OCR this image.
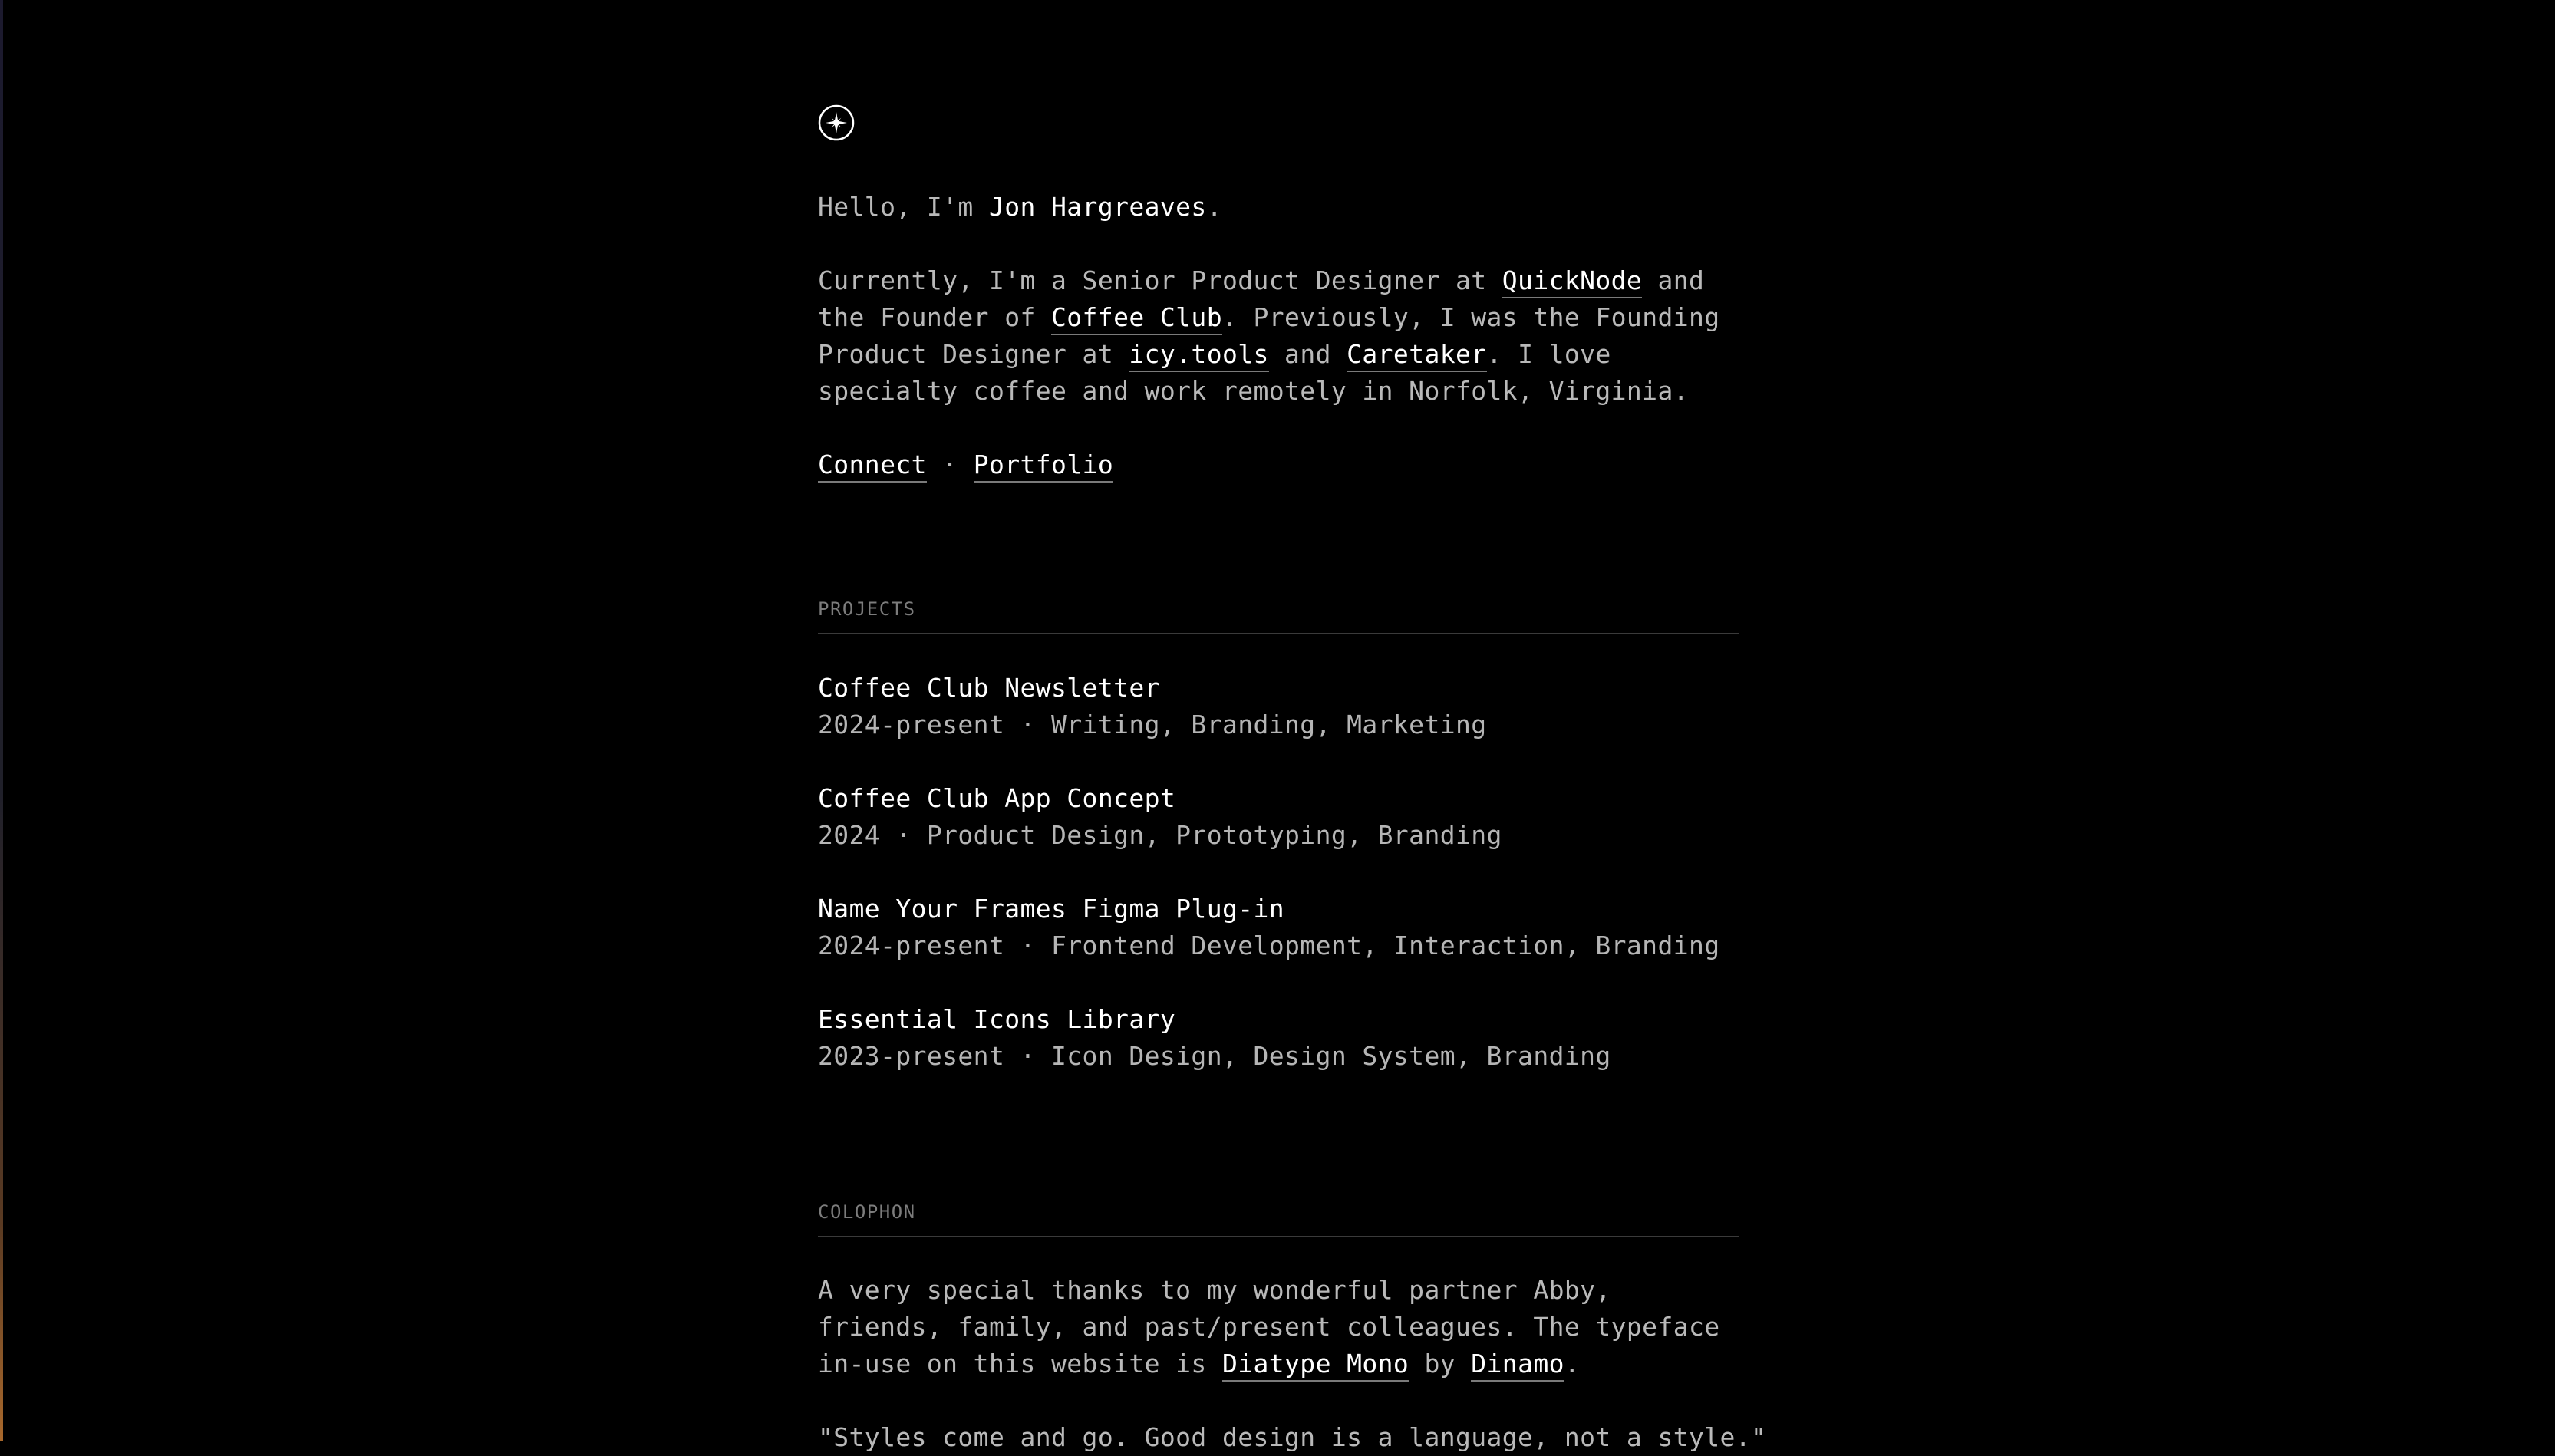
Hello, I'm Jon Hargreaves.

Currently, I'm a Senior Product Designer at QuickNode and the Founder of Coffee Club. Previously, I was the Founding Product Designer at icy.tools and Caretaker. I love specialty coffee and work remotely in Norfolk, Virginia.

Connect · Portfolio

PROJECTS
Coffee Club Newsletter
2024-present · Writing, Branding, Marketing
Coffee Club App Concept
2024 · Product Design, Prototyping, Branding
Name Your Frames Figma Plug-in
2024-present · Frontend Development, Interaction, Branding
Essential Icons Library
2023-present · Icon Design, Design System, Branding
COLOPHON

A very special thanks to my wonderful partner Abby, friends, family, and past/present colleagues. The typeface in-use on this website is Diatype Mono by Dinamo.

"Styles come and go. Good design is a language, not a style."
